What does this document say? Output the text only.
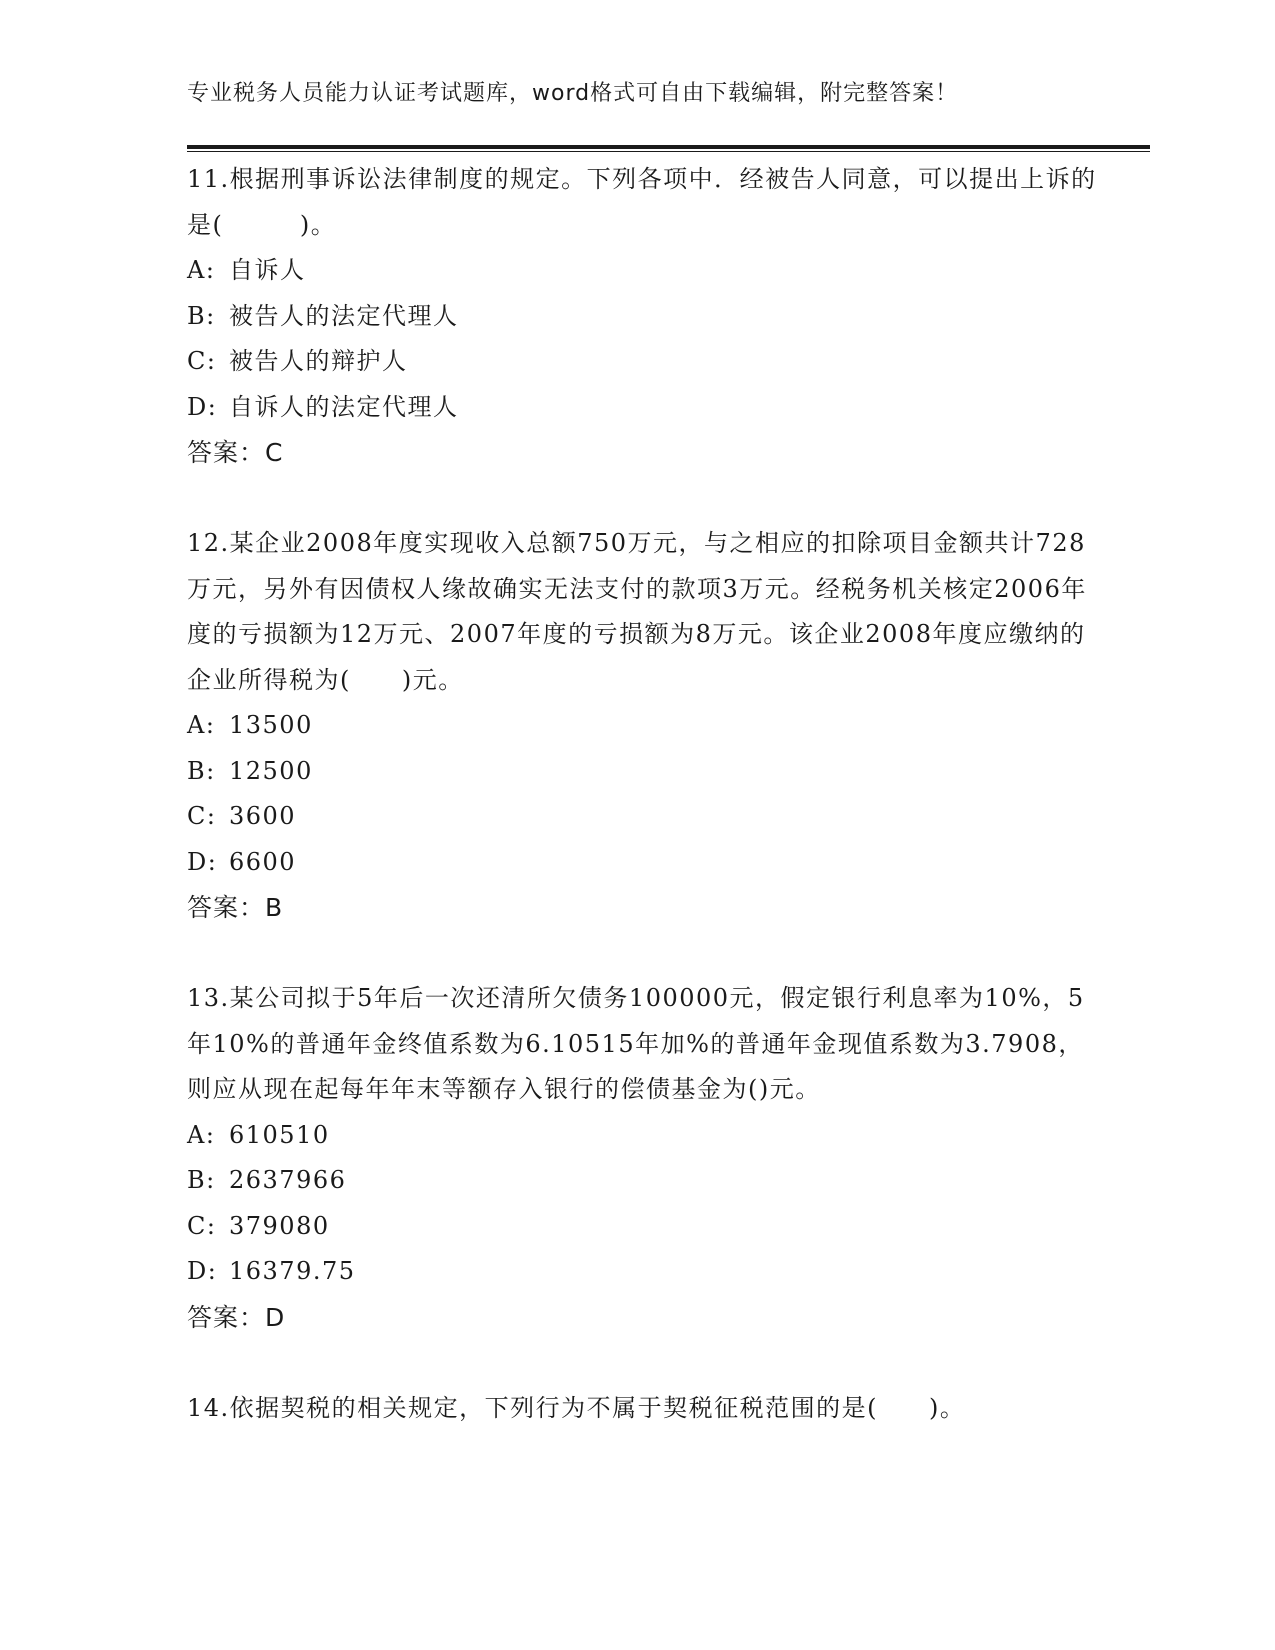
专业税务人员能力认证考试题库，word格式可自由下载编辑，附完整答案！

11.根据刑事诉讼法律制度的规定。下列各项中．经被告人同意，可以提出上诉的是(　　　)。

A: 自诉人

B: 被告人的法定代理人

C: 被告人的辩护人

D: 自诉人的法定代理人

答案：C

12.某企业2008年度实现收入总额750万元，与之相应的扣除项目金额共计728万元，另外有因债权人缘故确实无法支付的款项3万元。经税务机关核定2006年度的亏损额为12万元、2007年度的亏损额为8万元。该企业2008年度应缴纳的企业所得税为(　　)元。

A: 13500

B: 12500

C: 3600

D: 6600

答案：B

13.某公司拟于5年后一次还清所欠债务100000元，假定银行利息率为10%，5年10%的普通年金终值系数为6.10515年加%的普通年金现值系数为3.7908，则应从现在起每年年末等额存入银行的偿债基金为()元。

A: 610510

B: 2637966

C: 379080

D: 16379.75

答案：D

14.依据契税的相关规定，下列行为不属于契税征税范围的是(　　)。
